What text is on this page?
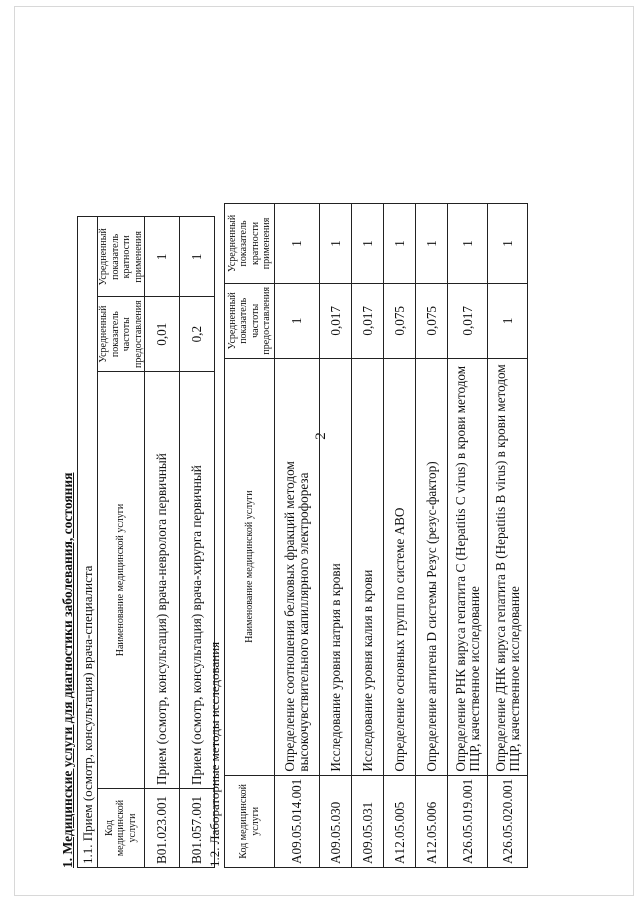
2
1. Медицинские услуги для диагностики заболевания, состояния 1.1. Прием (осмотр, консультация) врача-специалиста			
Код медицинской услуги	Наименование медицинской услуги	Усредненный показатель частоты предоставления	Усредненный показатель кратности применения
B01.023.001	Прием (осмотр, консультация) врача-невролога первичный	0,01	1
B01.057.001	Прием (осмотр, консультация) врача-хирурга первичный	0,2	1
1.2. Лабораторные методы исследования Код медицинской услуги	Наименование медицинской услуги	Усредненный показатель частоты предоставления	Усредненный показатель кратности применения
A09.05.014.001	Определение соотношения белковых фракций методом высокочувствительного капиллярного электрофореза	1	1
A09.05.030	Исследование уровня натрия в крови	0,017	1
A09.05.031	Исследование уровня калия в крови	0,017	1
A12.05.005	Определение основных групп по системе АВО	0,075	1
A12.05.006	Определение антигена D системы Резус (резус-фактор)	0,075	1
A26.05.019.001	Определение РНК вируса гепатита С (Hepatitis C virus) в крови методом ПЦР, качественное исследование	0,017	1
A26.05.020.001	Определение ДНК вируса гепатита В (Hepatitis B virus) в крови методом ПЦР, качественное исследование	1	1
